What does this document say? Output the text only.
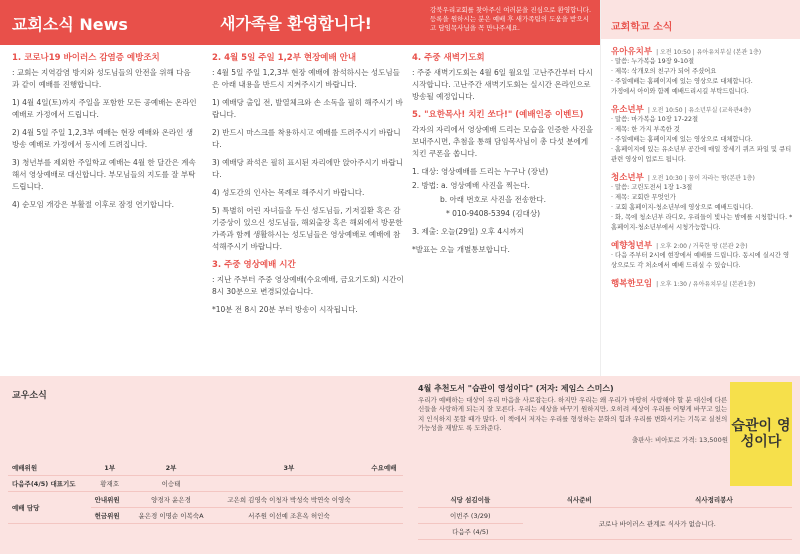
교회소식 News	새가족을 환영합니다!
강북우리교회를 찾아주신 여러분을 진심으로 환영합니다. 등록을 원하시는 분은 예배 후 새가족팀의 도움을 받으시고 담임목사님을 꼭 만나주세요.

1. 코로나19 바이러스 감염증 예방조치

: 교회는 지역감염 방지와 성도님들의 안전을 위해 다음과 같이 예배를 진행합니다.

1) 4월 4일(토)까지 주일을 포함한 모든 공예배는 온라인 예배로 가정에서 드립니다.

2) 4월 5일 주일 1,2,3부 예배는 현장 예배와 온라인 생방송 예배로 가정에서 동시에 드려집니다.

3) 청년부를 제외한 주일학교 예배는 4월 한 달간은 계속해서 영상예배로 대신합니다. 부모님들의 지도를 잘 부탁드립니다.

4) 순모임 개강은 부활절 이후로 잠정 연기합니다.

2. 4월 5일 주일 1,2부 현장예배 안내

: 4월 5일 주일 1,2,3부 현장 예배에 참석하시는 성도님들은 아래 내용을 반드시 지켜주시기 바랍니다.

1) 예배당 출입 전, 발열체크와 손 소독을 필히 해주시기 바랍니다.

2) 반드시 마스크를 착용하시고 예배를 드려주시기 바랍니다.

3) 예배당 좌석은 필히 표시된 자리에만 앉아주시기 바랍니다.

4) 성도간의 인사는 목례로 해주시기 바랍니다.

5) 특별히 어린 자녀들을 두신 성도님들, 기저질환 혹은 감기증상이 있으신 성도님들, 해외출장 혹은 해외에서 방문한 가족과 함께 생활하시는 성도님들은 영상예배로 예배에 참석해주시기 바랍니다.

3. 주중 영상예배 시간

: 지난 주부터 주중 영상예배(수요예배, 금요기도회) 시간이 8시 30분으로 변경되었습니다.

*10분 전 8시 20분 부터 방송이 시작됩니다.

4. 주중 새벽기도회

: 주중 새벽기도회는 4월 6일 월요일 고난주간부터 다시 시작합니다. 고난주간 새벽기도회는 실시간 온라인으로 방송될 예정입니다.

5. "요한목사! 치킨 쏘다!" (예배인증 이벤트)

각자의 자리에서 영상예배 드리는 모습을 인증한 사진을 보내주시면, 추첨을 통해 담임목사님이 총 다섯 분에게 치킨 쿠폰을 쏩니다.

1. 대상: 영상예배를 드리는 누구나 (장년)

2. 방법: a. 영상예배 사진을 찍는다.

b. 아래 번호로 사진을 전송한다.

* 010-9408-5394 (김대상)

3. 제출: 오늘(29일) 오후 4시까지

*발표는 오늘 개별통보합니다.

교회학교 소식
유아유치부 | 오전 10:50 | 유아유치부실 (본관 1층)
· 말씀: 누가복음 19장 9-10절
· 제목: 삭개오의 친구가 되어 주셨어요
· 주일예배는 홈페이지에 있는 영상으로 대체합니다.
가정에서 아이와 함께 예배드리시길 부탁드립니다.
유소년부 | 오전 10:50 | 유소년부실 (교육관4층)
· 말씀: 마가복음 10장 17-22절
· 제목: 한 가지 부족한 것
· 주일예배는 홈페이지에 있는 영상으로 대체합니다.
· 홈페이지에 있는 유소년부 공간에 매일 장세기 퀴즈 파일 및 큐티 관련 영상이 업로드 됩니다.
청소년부 | 오전 10:30 | 꿈이 자라는 땅(본관 1층)
· 말씀: 고린도전서 1장 1-3절
· 제목: 교회란 무엇인가
· 교회 홈페이지-청소년부에 영상으로 예배드립니다.
· 화, 목에 청소년부 라디오, 우리들이 빛나는 밤에를 시청합니다. *홈페이지-청소년부에서 시청가능합니다.
예향청년부 | 오후 2:00 / 거룩한 땅 (본관 2층)
· 다음 주부터 2시에 현장에서 예배를 드립니다. 동시에 실시간 영상으로도 각 처소에서 예배 드리실 수 있습니다.
행복한모임 | 오후 1:30 / 유아유치부실 (본관1층)
교우소식
예배위원	1부	2부	3부	수요예배
다음주(4/5) 대표기도	황재호	이승태		
예배 담당	안내위원	양경자 윤은경	고은희 김영숙 이청자 박성숙 박연숙 이영숙	
	헌금위원	윤은경 이명순 이복숙A	서주원 이선예 조흔옥 허인숙	
4월 추천도서 "습관이 영성이다" (저자: 제임스 스미스)
우리가 예배하는 대상이 우리 마음을 사로잡는다. 하지만 우리는 왜 우리가 마땅히 사랑해야 할 분 대신에 다른 신들을 사랑하게 되는지 잘 모른다. 우리는 세상을 바꾸기 원하지만, 오히려 세상이 우리를 어떻게 바꾸고 있는지 인식하지 못할 때가 많다. 이 책에서 저자는 우리를 형성하는 문화의 힘과 우리를 변화시키는 기독교 실천의 가능성을 재발도 록 도와준다.
출판사: 비아토르 가격: 13,500원
습관이 영성이다
식당 섬김이들	식사준비	식사정리봉사
이번주 (3/29)	코로나 바이러스 관계로 식사가 없습니다.	
다음주 (4/5)		
